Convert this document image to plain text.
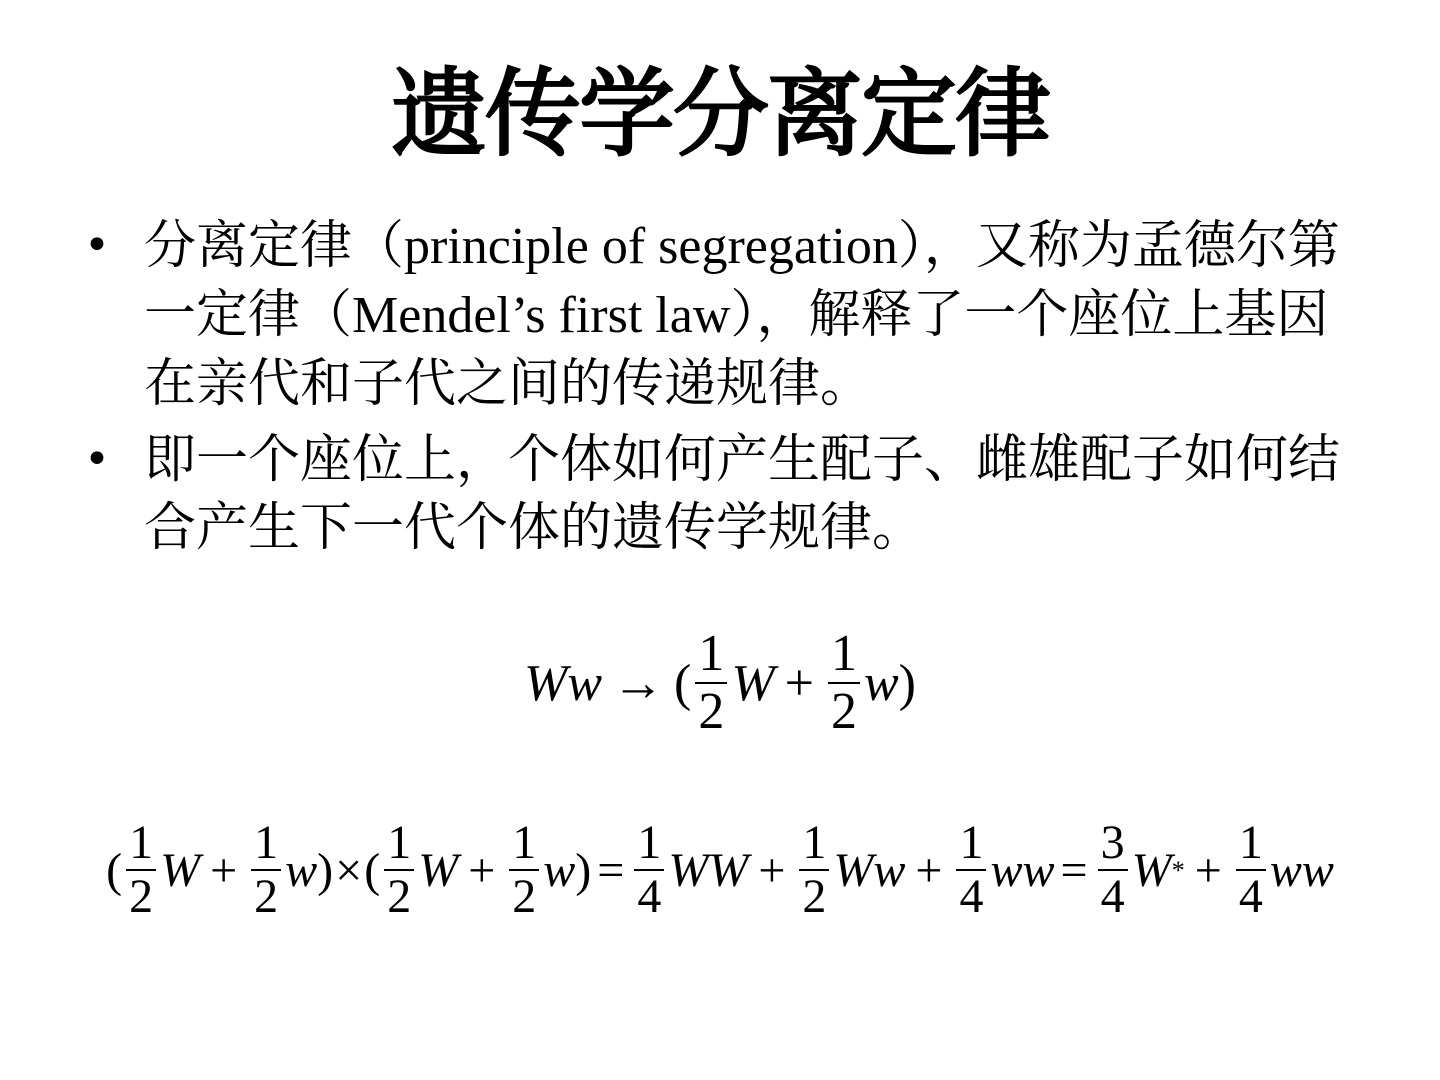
遗传学分离定律
• 分离定律（principle of segregation），又称为孟德尔第一定律（Mendel’s first law），解释了一个座位上基因在亲代和子代之间的传递规律。
• 即一个座位上，个体如何产生配子、雌雄配子如何结合产生下一代个体的遗传学规律。
Ww → ( $\frac{1}{2}$ $W + \frac{1}{2}$ w )
( $\frac{1}{2}$ $W + \frac{1}{2}$ w ) × ( $\frac{1}{2}$ $W + \frac{1}{2}$ w ) = $\frac{1}{4}$ WW + $\frac{1}{2}$ $Ww + \frac{1}{4}$ ww = $\frac{3}{4}$ W * + $\frac{1}{4}$ ww
